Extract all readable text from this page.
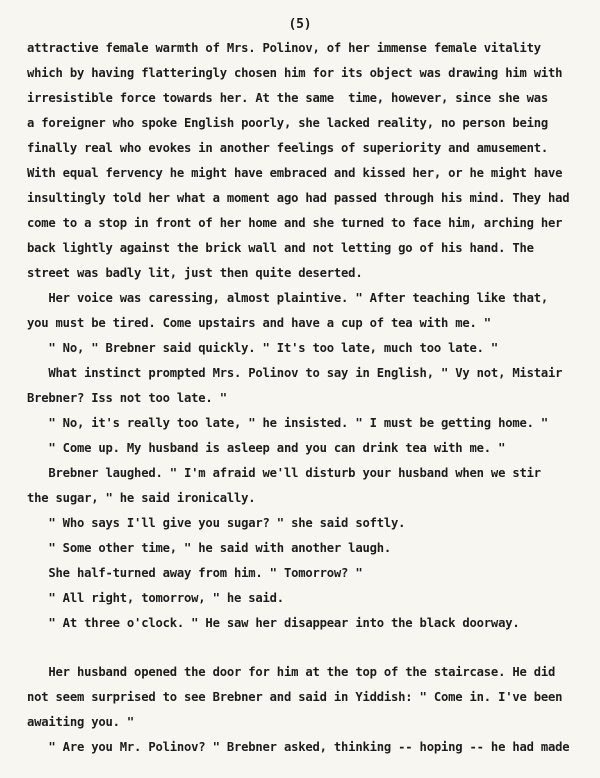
(5)
attractive female warmth of Mrs. Polinov, of her immense female vitality
which by having flatteringly chosen him for its object was drawing him with
irresistible force towards her. At the same  time, however, since she was
a foreigner who spoke English poorly, she lacked reality, no person being
finally real who evokes in another feelings of superiority and amusement.
With equal fervency he might have embraced and kissed her, or he might have
insultingly told her what a moment ago had passed through his mind. They had
come to a stop in front of her home and she turned to face him, arching her
back lightly against the brick wall and not letting go of his hand. The
street was badly lit, just then quite deserted.
Her voice was caressing, almost plaintive. " After teaching like that,
you must be tired. Come upstairs and have a cup of tea with me. "
" No, " Brebner said quickly. " It's too late, much too late. "
What instinct prompted Mrs. Polinov to say in English, " Vy not, Mistair
Brebner? Iss not too late. "
" No, it's really too late, " he insisted. " I must be getting home. "
" Come up. My husband is asleep and you can drink tea with me. "
Brebner laughed. " I'm afraid we'll disturb your husband when we stir
the sugar, " he said ironically.
" Who says I'll give you sugar? " she said softly.
" Some other time, " he said with another laugh.
She half-turned away from him. " Tomorrow? "
" All right, tomorrow, " he said.
" At three o'clock. " He saw her disappear into the black doorway.
Her husband opened the door for him at the top of the staircase. He did
not seem surprised to see Brebner and said in Yiddish: " Come in. I've been
awaiting you. "
" Are you Mr. Polinov? " Brebner asked, thinking -- hoping -- he had made
